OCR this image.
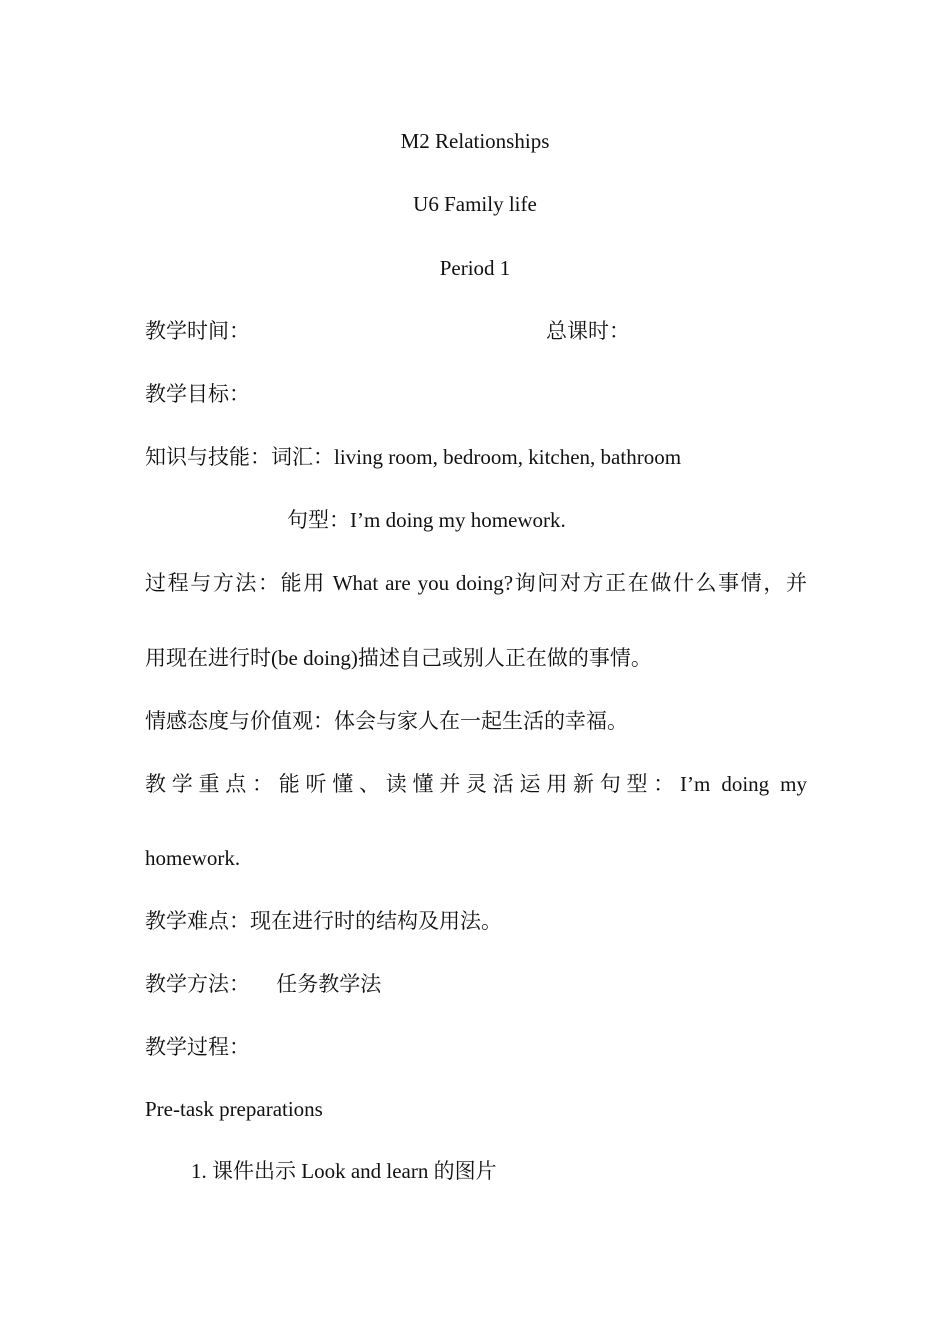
M2 Relationships
U6 Family life
Period 1
教学时间：	总课时：
教学目标：
知识与技能：词汇：living room, bedroom, kitchen, bathroom
句型：I’m doing my homework.
过程与方法：能用 What are you doing?询问对方正在做什么事情，并
用现在进行时(be doing)描述自己或别人正在做的事情。
情感态度与价值观：体会与家人在一起生活的幸福。
教学重点：能听懂、读懂并灵活运用新句型：I’m doing my
homework.
教学难点：现在进行时的结构及用法。
教学方法：     任务教学法
教学过程：
Pre-task preparations
1. 课件出示 Look and learn 的图片
